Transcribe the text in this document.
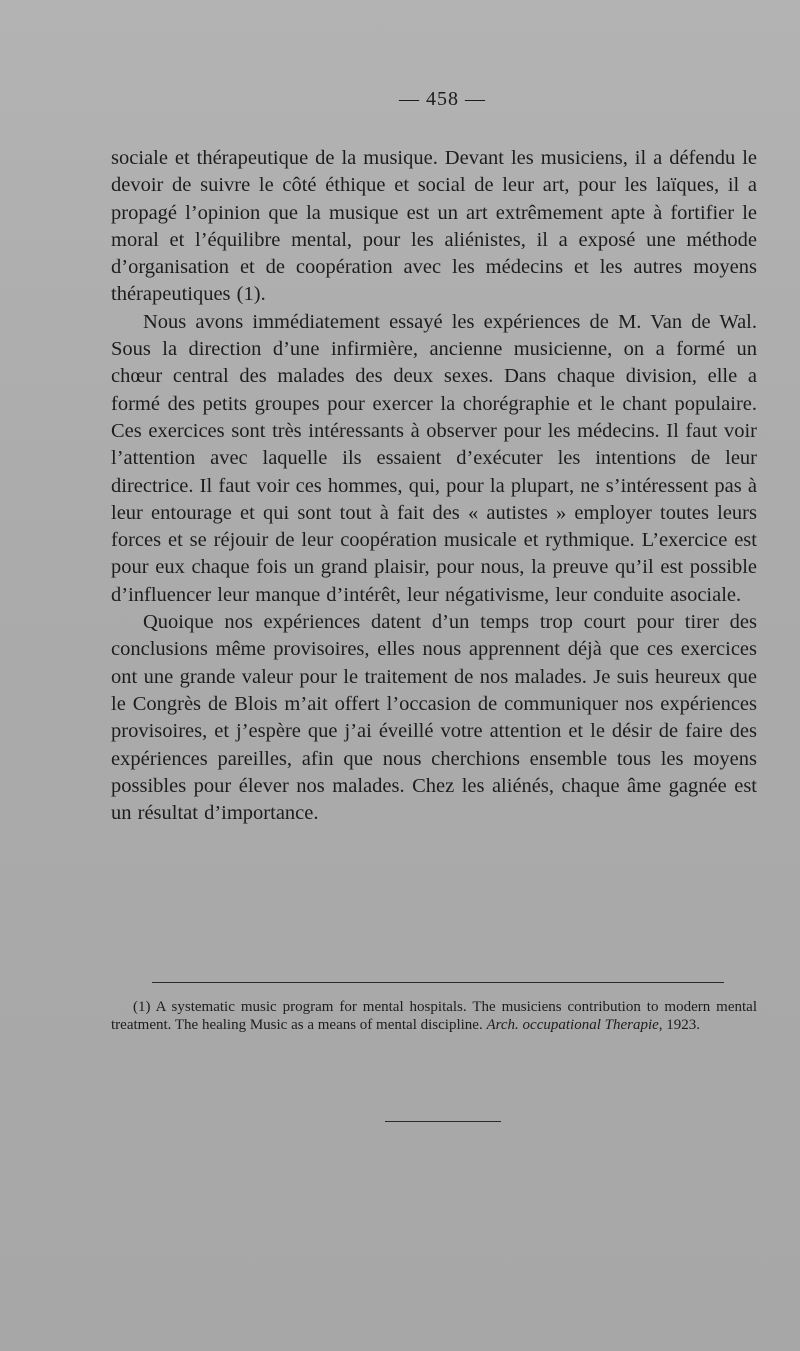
— 458 —

sociale et thérapeutique de la musique. Devant les musiciens, il a défendu le devoir de suivre le côté éthique et social de leur art, pour les laïques, il a propagé l’opinion que la musique est un art extrêmement apte à fortifier le moral et l’équilibre mental, pour les aliénistes, il a exposé une méthode d’organisation et de coopération avec les médecins et les autres moyens thérapeutiques (1).

Nous avons immédiatement essayé les expériences de M. Van de Wal. Sous la direction d’une infirmière, ancienne musicienne, on a formé un chœur central des malades des deux sexes. Dans chaque division, elle a formé des petits groupes pour exercer la chorégraphie et le chant populaire. Ces exercices sont très intéressants à observer pour les médecins. Il faut voir l’attention avec laquelle ils essaient d’exécuter les intentions de leur directrice. Il faut voir ces hommes, qui, pour la plupart, ne s’intéressent pas à leur entourage et qui sont tout à fait des « autistes » employer toutes leurs forces et se réjouir de leur coopération musicale et rythmique. L’exercice est pour eux chaque fois un grand plaisir, pour nous, la preuve qu’il est possible d’influencer leur manque d’intérêt, leur négativisme, leur conduite asociale.

Quoique nos expériences datent d’un temps trop court pour tirer des conclusions même provisoires, elles nous apprennent déjà que ces exercices ont une grande valeur pour le traitement de nos malades. Je suis heureux que le Congrès de Blois m’ait offert l’occasion de communiquer nos expériences provisoires, et j’espère que j’ai éveillé votre attention et le désir de faire des expériences pareilles, afin que nous cherchions ensemble tous les moyens possibles pour élever nos malades. Chez les aliénés, chaque âme gagnée est un résultat d’importance.

(1) A systematic music program for mental hospitals. The musiciens contribution to modern mental treatment. The healing Music as a means of mental discipline. Arch. occupational Therapie, 1923.
